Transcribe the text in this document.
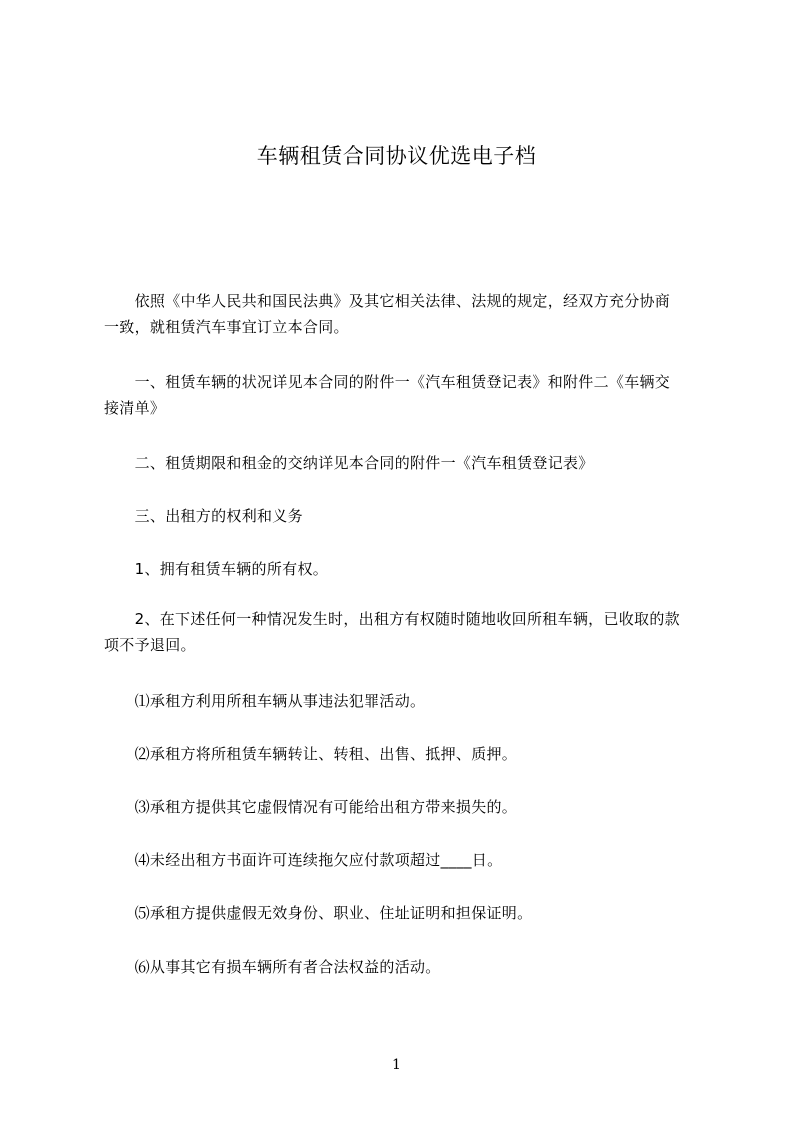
车辆租赁合同协议优选电子档

　　依照《中华人民共和国民法典》及其它相关法律、法规的规定，经双方充分协商
一致，就租赁汽车事宜订立本合同。

　　一、租赁车辆的状况详见本合同的附件一《汽车租赁登记表》和附件二《车辆交
接清单》

　　二、租赁期限和租金的交纳详见本合同的附件一《汽车租赁登记表》

　　三、出租方的权利和义务

　　1、拥有租赁车辆的所有权。

　　2、在下述任何一种情况发生时，出租方有权随时随地收回所租车辆，已收取的款
项不予退回。

　　⑴承租方利用所租车辆从事违法犯罪活动。

　　⑵承租方将所租赁车辆转让、转租、出售、抵押、质押。

　　⑶承租方提供其它虚假情况有可能给出租方带来损失的。

　　⑷未经出租方书面许可连续拖欠应付款项超过____日。

　　⑸承租方提供虚假无效身份、职业、住址证明和担保证明。

　　⑹从事其它有损车辆所有者合法权益的活动。

1
